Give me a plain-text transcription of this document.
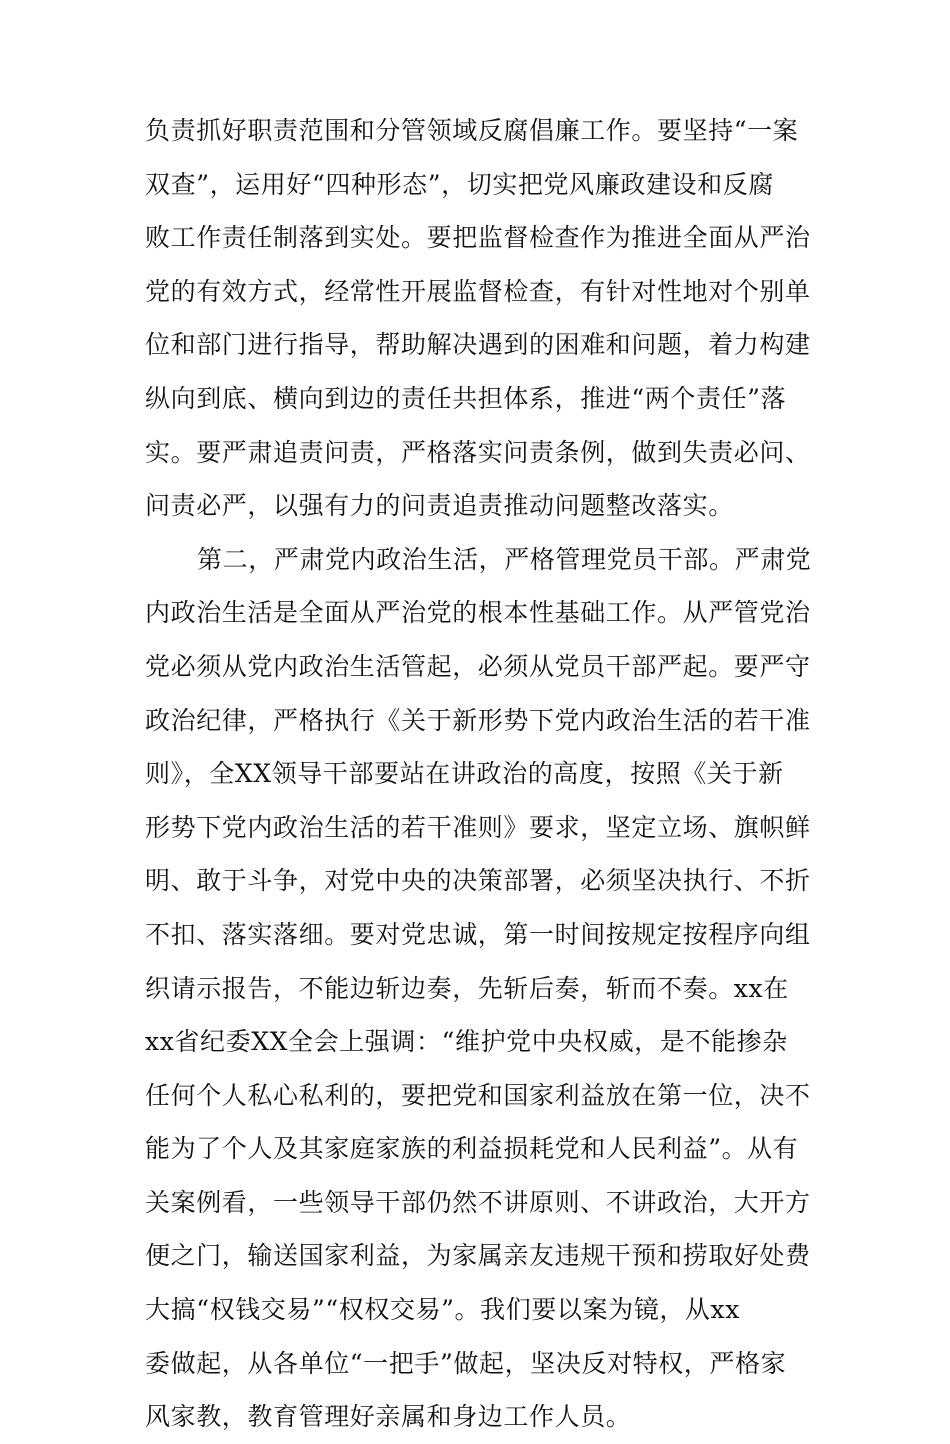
负责抓好职责范围和分管领域反腐倡廉工作。要坚持“一案
双查”，运用好“四种形态”，切实把党风廉政建设和反腐
败工作责任制落到实处。要把监督检查作为推进全面从严治
党的有效方式，经常性开展监督检查，有针对性地对个别单
位和部门进行指导，帮助解决遇到的困难和问题，着力构建
纵向到底、横向到边的责任共担体系，推进“两个责任”落
实。要严肃追责问责，严格落实问责条例，做到失责必问、
问责必严，以强有力的问责追责推动问题整改落实。
第二，严肃党内政治生活，严格管理党员干部。严肃党
内政治生活是全面从严治党的根本性基础工作。从严管党治
党必须从党内政治生活管起，必须从党员干部严起。要严守
政治纪律，严格执行《关于新形势下党内政治生活的若干准
则》，全XX领导干部要站在讲政治的高度，按照《关于新
形势下党内政治生活的若干准则》要求，坚定立场、旗帜鲜
明、敢于斗争，对党中央的决策部署，必须坚决执行、不折
不扣、落实落细。要对党忠诚，第一时间按规定按程序向组
织请示报告，不能边斩边奏，先斩后奏，斩而不奏。xx在
xx省纪委XX全会上强调：“维护党中央权威，是不能掺杂
任何个人私心私利的，要把党和国家利益放在第一位，决不
能为了个人及其家庭家族的利益损耗党和人民利益”。从有
关案例看，一些领导干部仍然不讲原则、不讲政治，大开方
便之门，输送国家利益，为家属亲友违规干预和捞取好处费
大搞“权钱交易”“权权交易”。我们要以案为镜，从xx
委做起，从各单位“一把手”做起，坚决反对特权，严格家
风家教，教育管理好亲属和身边工作人员。
